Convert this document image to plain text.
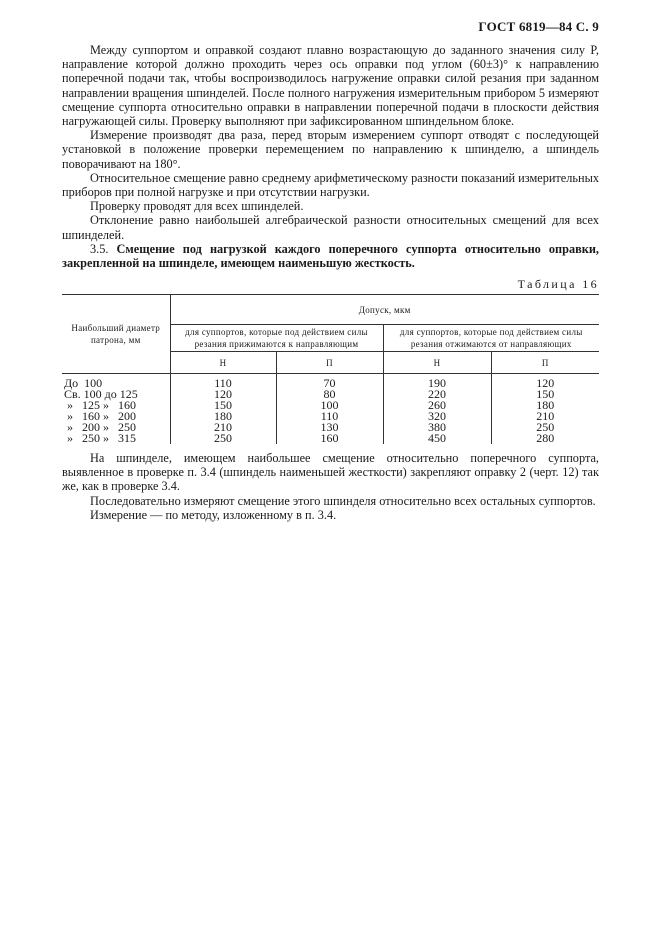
ГОСТ 6819—84 С. 9

Между суппортом и оправкой создают плавно возрастающую до заданного значения силу P, направление которой должно проходить через ось оправки под углом (60±3)° к направлению поперечной подачи так, чтобы воспроизводилось нагружение оправки силой резания при заданном направлении вращения шпинделей. После полного нагружения измерительным прибором 5 измеряют смещение суппорта относительно оправки в направлении поперечной подачи в плоскости действия нагружающей силы. Проверку выполняют при зафиксированном шпиндельном блоке.

Измерение производят два раза, перед вторым измерением суппорт отводят с последующей установкой в положение проверки перемещением по направлению к шпинделю, а шпиндель поворачивают на 180°.

Относительное смещение равно среднему арифметическому разности показаний измерительных приборов при полной нагрузке и при отсутствии нагрузки.

Проверку проводят для всех шпинделей.

Отклонение равно наибольшей алгебраической разности относительных смещений для всех шпинделей.

3.5. Смещение под нагрузкой каждого поперечного суппорта относительно оправки, закрепленной на шпинделе, имеющем наименьшую жесткость.

Таблица 16
Наибольший диаметр патрона, мм	Допуск, мкм			
	для суппортов, которые под действием силы резания прижимаются к направляющим		для суппортов, которые под действием силы резания отжимаются от направляющих	
	Н	П	Н	П
До  100	110	70	190	120
Св. 100 до 125	120	80	220	150
»   125 »   160	150	100	260	180
»   160 »   200	180	110	320	210
»   200 »   250	210	130	380	250
»   250 »   315	250	160	450	280

На шпинделе, имеющем наибольшее смещение относительно поперечного суппорта, выявленное в проверке п. 3.4 (шпиндель наименьшей жесткости) закрепляют оправку 2 (черт. 12) так же, как в проверке 3.4.

Последовательно измеряют смещение этого шпинделя относительно всех остальных суппортов.

Измерение — по методу, изложенному в п. 3.4.
